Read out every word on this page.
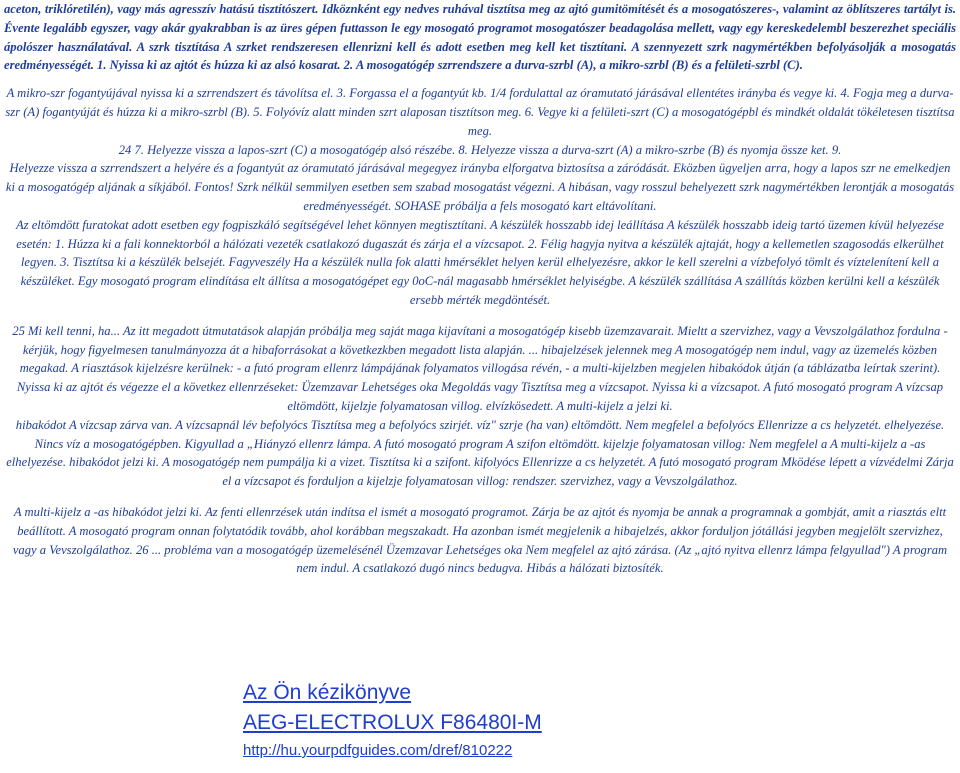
aceton, triklóretilén), vagy más agresszív hatású tisztítószert. Idköznként egy nedves ruhával tisztítsa meg az ajtó gumitömítését és a mosogatószeres-, valamint az öblítszeres tartályt is. Évente legalább egyszer, vagy akár gyakrabban is az üres gépen futtasson le egy mosogató programot mosogatószer beadagolása mellett, vagy egy kereskedelembl beszerezhet speciális ápolószer használatával. A szrk tisztítása A szrket rendszeresen ellenrizni kell és adott esetben meg kell ket tisztítani. A szennyezett szrk nagymértékben befolyásolják a mosogatás eredményességét. 1. Nyissa ki az ajtót és húzza ki az alsó kosarat. 2. A mosogatógép szrrendszere a durva-szrbl (A), a mikro-szrbl (B) és a felületi-szrbl (C).

A mikro-szr fogantyújával nyissa ki a szrrendszert és távolítsa el. 3. Forgassa el a fogantyút kb. 1/4 fordulattal az óramutató járásával ellentétes irányba és vegye ki. 4. Fogja meg a durva-szr (A) fogantyúját és húzza ki a mikro-szrbl (B). 5. Folyóvíz alatt minden szrt alaposan tisztítson meg. 6. Vegye ki a felületi-szrt (C) a mosogatógépbl és mindkét oldalát tökéletesen tisztítsa meg.

24 7. Helyezze vissza a lapos-szrt (C) a mosogatógép alsó részébe. 8. Helyezze vissza a durva-szrt (A) a mikro-szrbe (B) és nyomja össze ket. 9.

Helyezze vissza a szrrendszert a helyére és a fogantyút az óramutató járásával megegyez irányba elforgatva biztosítsa a záródását. Eközben ügyeljen arra, hogy a lapos szr ne emelkedjen ki a mosogatógép aljának a síkjából. Fontos! Szrk nélkül semmilyen esetben sem szabad mosogatást végezni. A hibásan, vagy rosszul behelyezett szrk nagymértékben lerontják a mosogatás eredményességét. SOHASE próbálja a fels mosogató kart eltávolítani.

Az eltömdött furatokat adott esetben egy fogpiszkáló segítségével lehet könnyen megtisztítani. A készülék hosszabb idej leállítása A készülék hosszabb ideig tartó üzemen kívül helyezése esetén: 1. Húzza ki a fali konnektorból a hálózati vezeték csatlakozó dugaszát és zárja el a vízcsapot. 2. Félig hagyja nyitva a készülék ajtaját, hogy a kellemetlen szagosodás elkerülhet legyen. 3. Tisztítsa ki a készülék belsejét. Fagyveszély Ha a készülék nulla fok alatti hmérséklet helyen kerül elhelyezésre, akkor le kell szerelni a vízbefolyó tömlt és víztelenítení kell a készüléket. Egy mosogató program elindítása elt állítsa a mosogatógépet egy 0oC-nál magasabb hmérséklet helyiségbe. A készülék szállítása A szállítás közben kerülni kell a készülék ersebb mérték megdöntését.

25 Mi kell tenni, ha... Az itt megadott útmutatások alapján próbálja meg saját maga kijavítani a mosogatógép kisebb üzemzavarait. Mieltt a szervizhez, vagy a Vevszolgálathoz fordulna - kérjük, hogy figyelmesen tanulmányozza át a hibaforrásokat a következkben megadott lista alapján. ... hibajelzések jelennek meg A mosogatógép nem indul, vagy az üzemelés közben megakad. A riasztások kijelzésre kerülnek: - a futó program ellenrz lámpájának folyamatos villogása révén, - a multi-kijelzben megjelen hibakódok útján (a táblázatba leírtak szerint).

Nyissa ki az ajtót és végezze el a következ ellenrzéseket: Üzemzavar Lehetséges oka Megoldás vagy Tisztítsa meg a vízcsapot. Nyissa ki a vízcsapot. A futó mosogató program A vízcsap eltömdött, kijelzje folyamatosan villog. elvízkösedett. A multi-kijelz a jelzi ki.

hibakódot A vízcsap zárva van. A vízcsapnál lév befolyócs Tisztítsa meg a befolyócs szirjét. víz" szrje (ha van) eltömdött. Nem megfelel a befolyócs Ellenrizze a cs helyzetét. elhelyezése.

Nincs víz a mosogatógépben. Kigyullad a „Hiányzó ellenrz lámpa. A futó mosogató program A szifon eltömdött. kijelzje folyamatosan villog: Nem megfelel a A multi-kijelz a -as elhelyezése. hibakódot jelzi ki. A mosogatógép nem pumpálja ki a vizet. Tisztítsa ki a szifont. kifolyócs Ellenrizze a cs helyzetét. A futó mosogató program Mködése lépett a vízvédelmi Zárja el a vízcsapot és forduljon a kijelzje folyamatosan villog: rendszer. szervizhez, vagy a Vevszolgálathoz.

A multi-kijelz a -as hibakódot jelzi ki. Az fenti ellenrzések után indítsa el ismét a mosogató programot. Zárja be az ajtót és nyomja be annak a programnak a gombját, amit a riasztás eltt beállított. A mosogató program onnan folytatódik tovább, ahol korábban megszakadt. Ha azonban ismét megjelenik a hibajelzés, akkor forduljon jótállási jegyben megjelölt szervizhez, vagy a Vevszolgálathoz. 26 ... probléma van a mosogatógép üzemelésénél Üzemzavar Lehetséges oka Nem megfelel az ajtó zárása. (Az „ajtó nyitva ellenrz lámpa felgyullad") A program nem indul. A csatlakozó dugó nincs bedugva. Hibás a hálózati biztosíték.

Az Ön kézikönyve
AEG-ELECTROLUX F86480I-M
http://hu.yourpdfguides.com/dref/810222
